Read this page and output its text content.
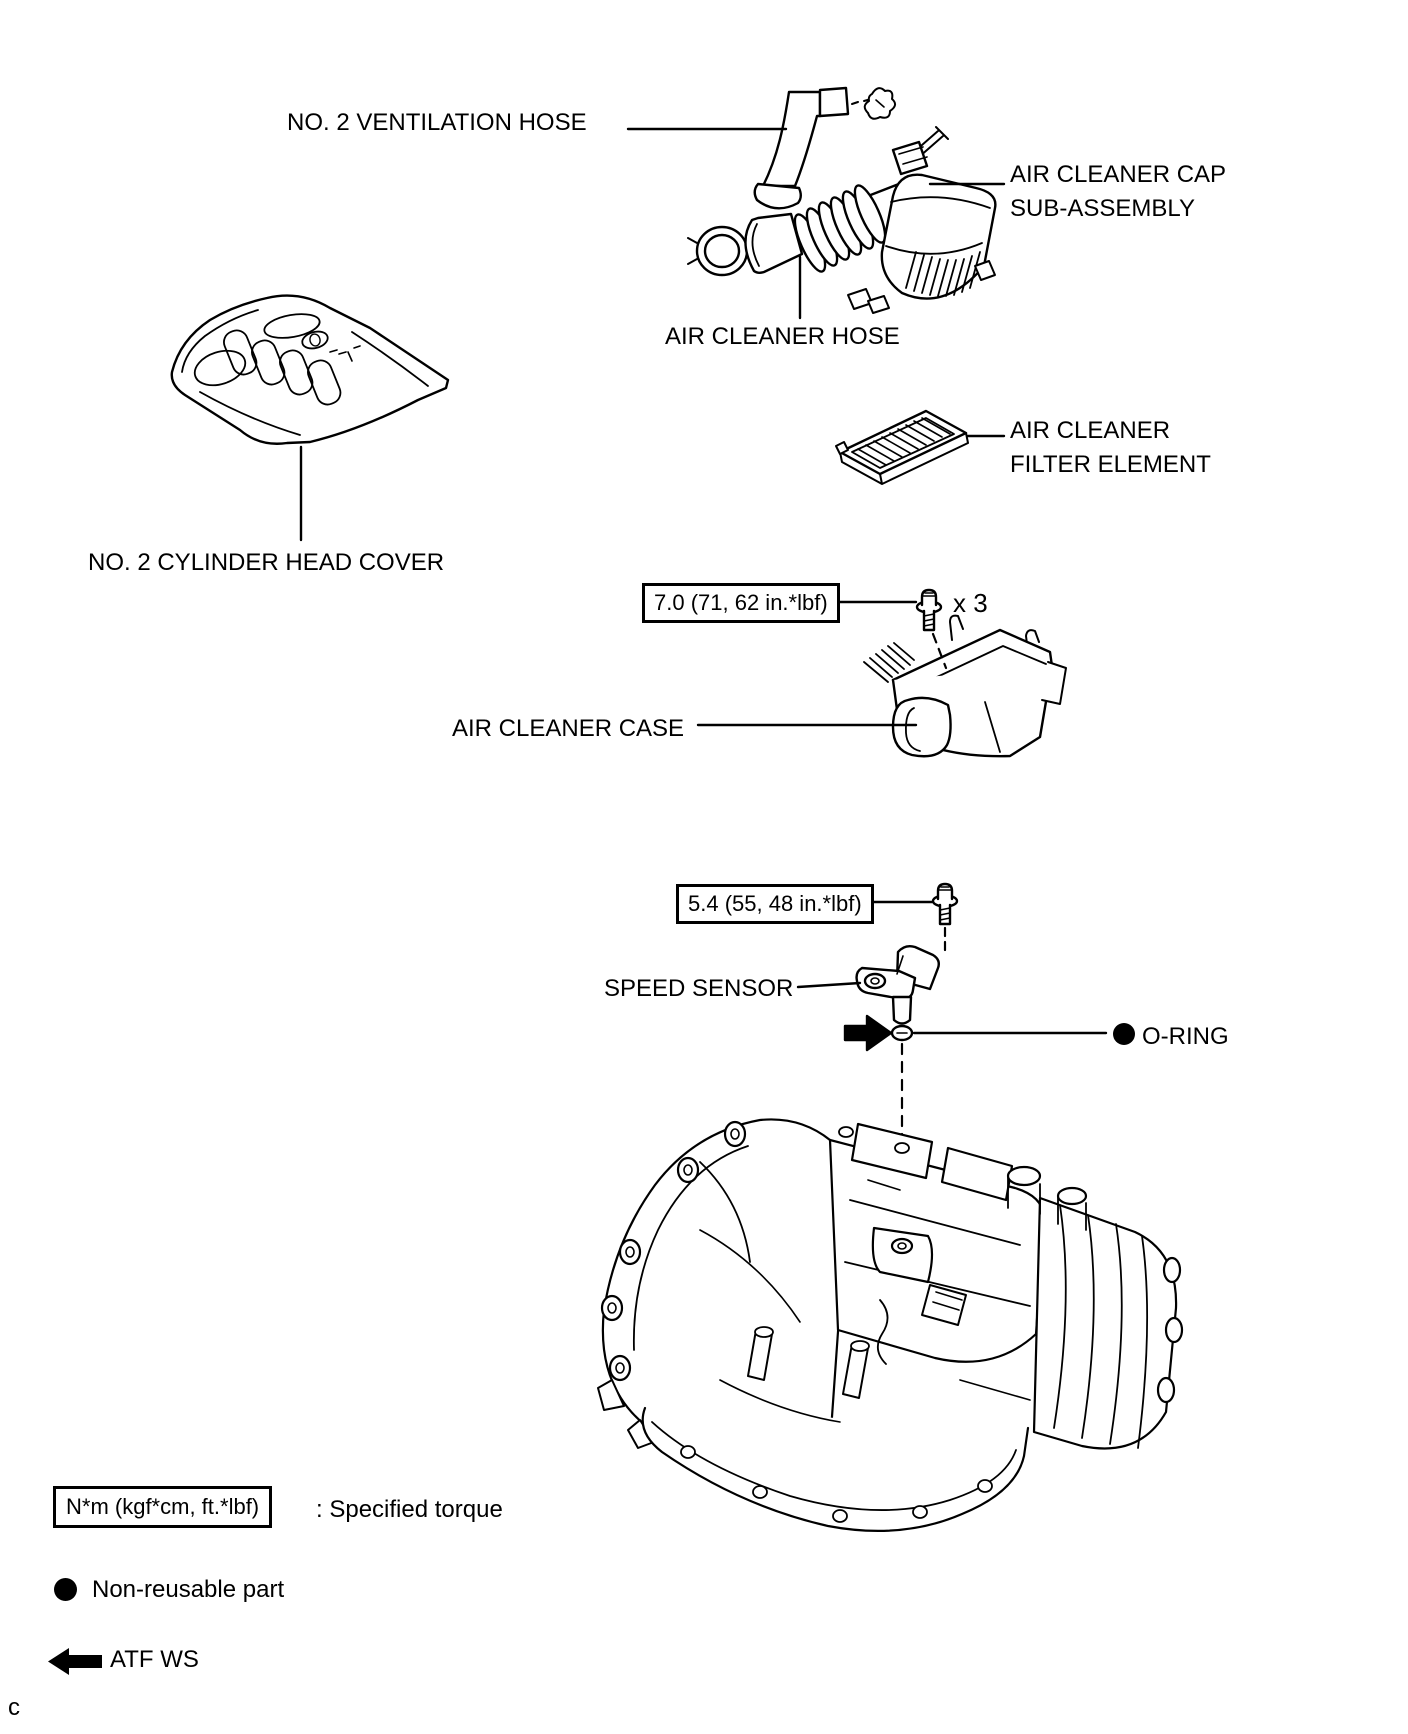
NO. 2 VENTILATION HOSE
AIR CLEANER CAP
SUB-ASSEMBLY
AIR CLEANER HOSE
AIR CLEANER
FILTER ELEMENT
NO. 2 CYLINDER HEAD COVER
7.0 (71, 62 in.*lbf)	x 3
AIR CLEANER CASE
5.4 (55, 48 in.*lbf)
SPEED SENSOR
O-RING
N*m (kgf*cm, ft.*lbf)	: Specified torque
Non-reusable part
ATF WS
c
